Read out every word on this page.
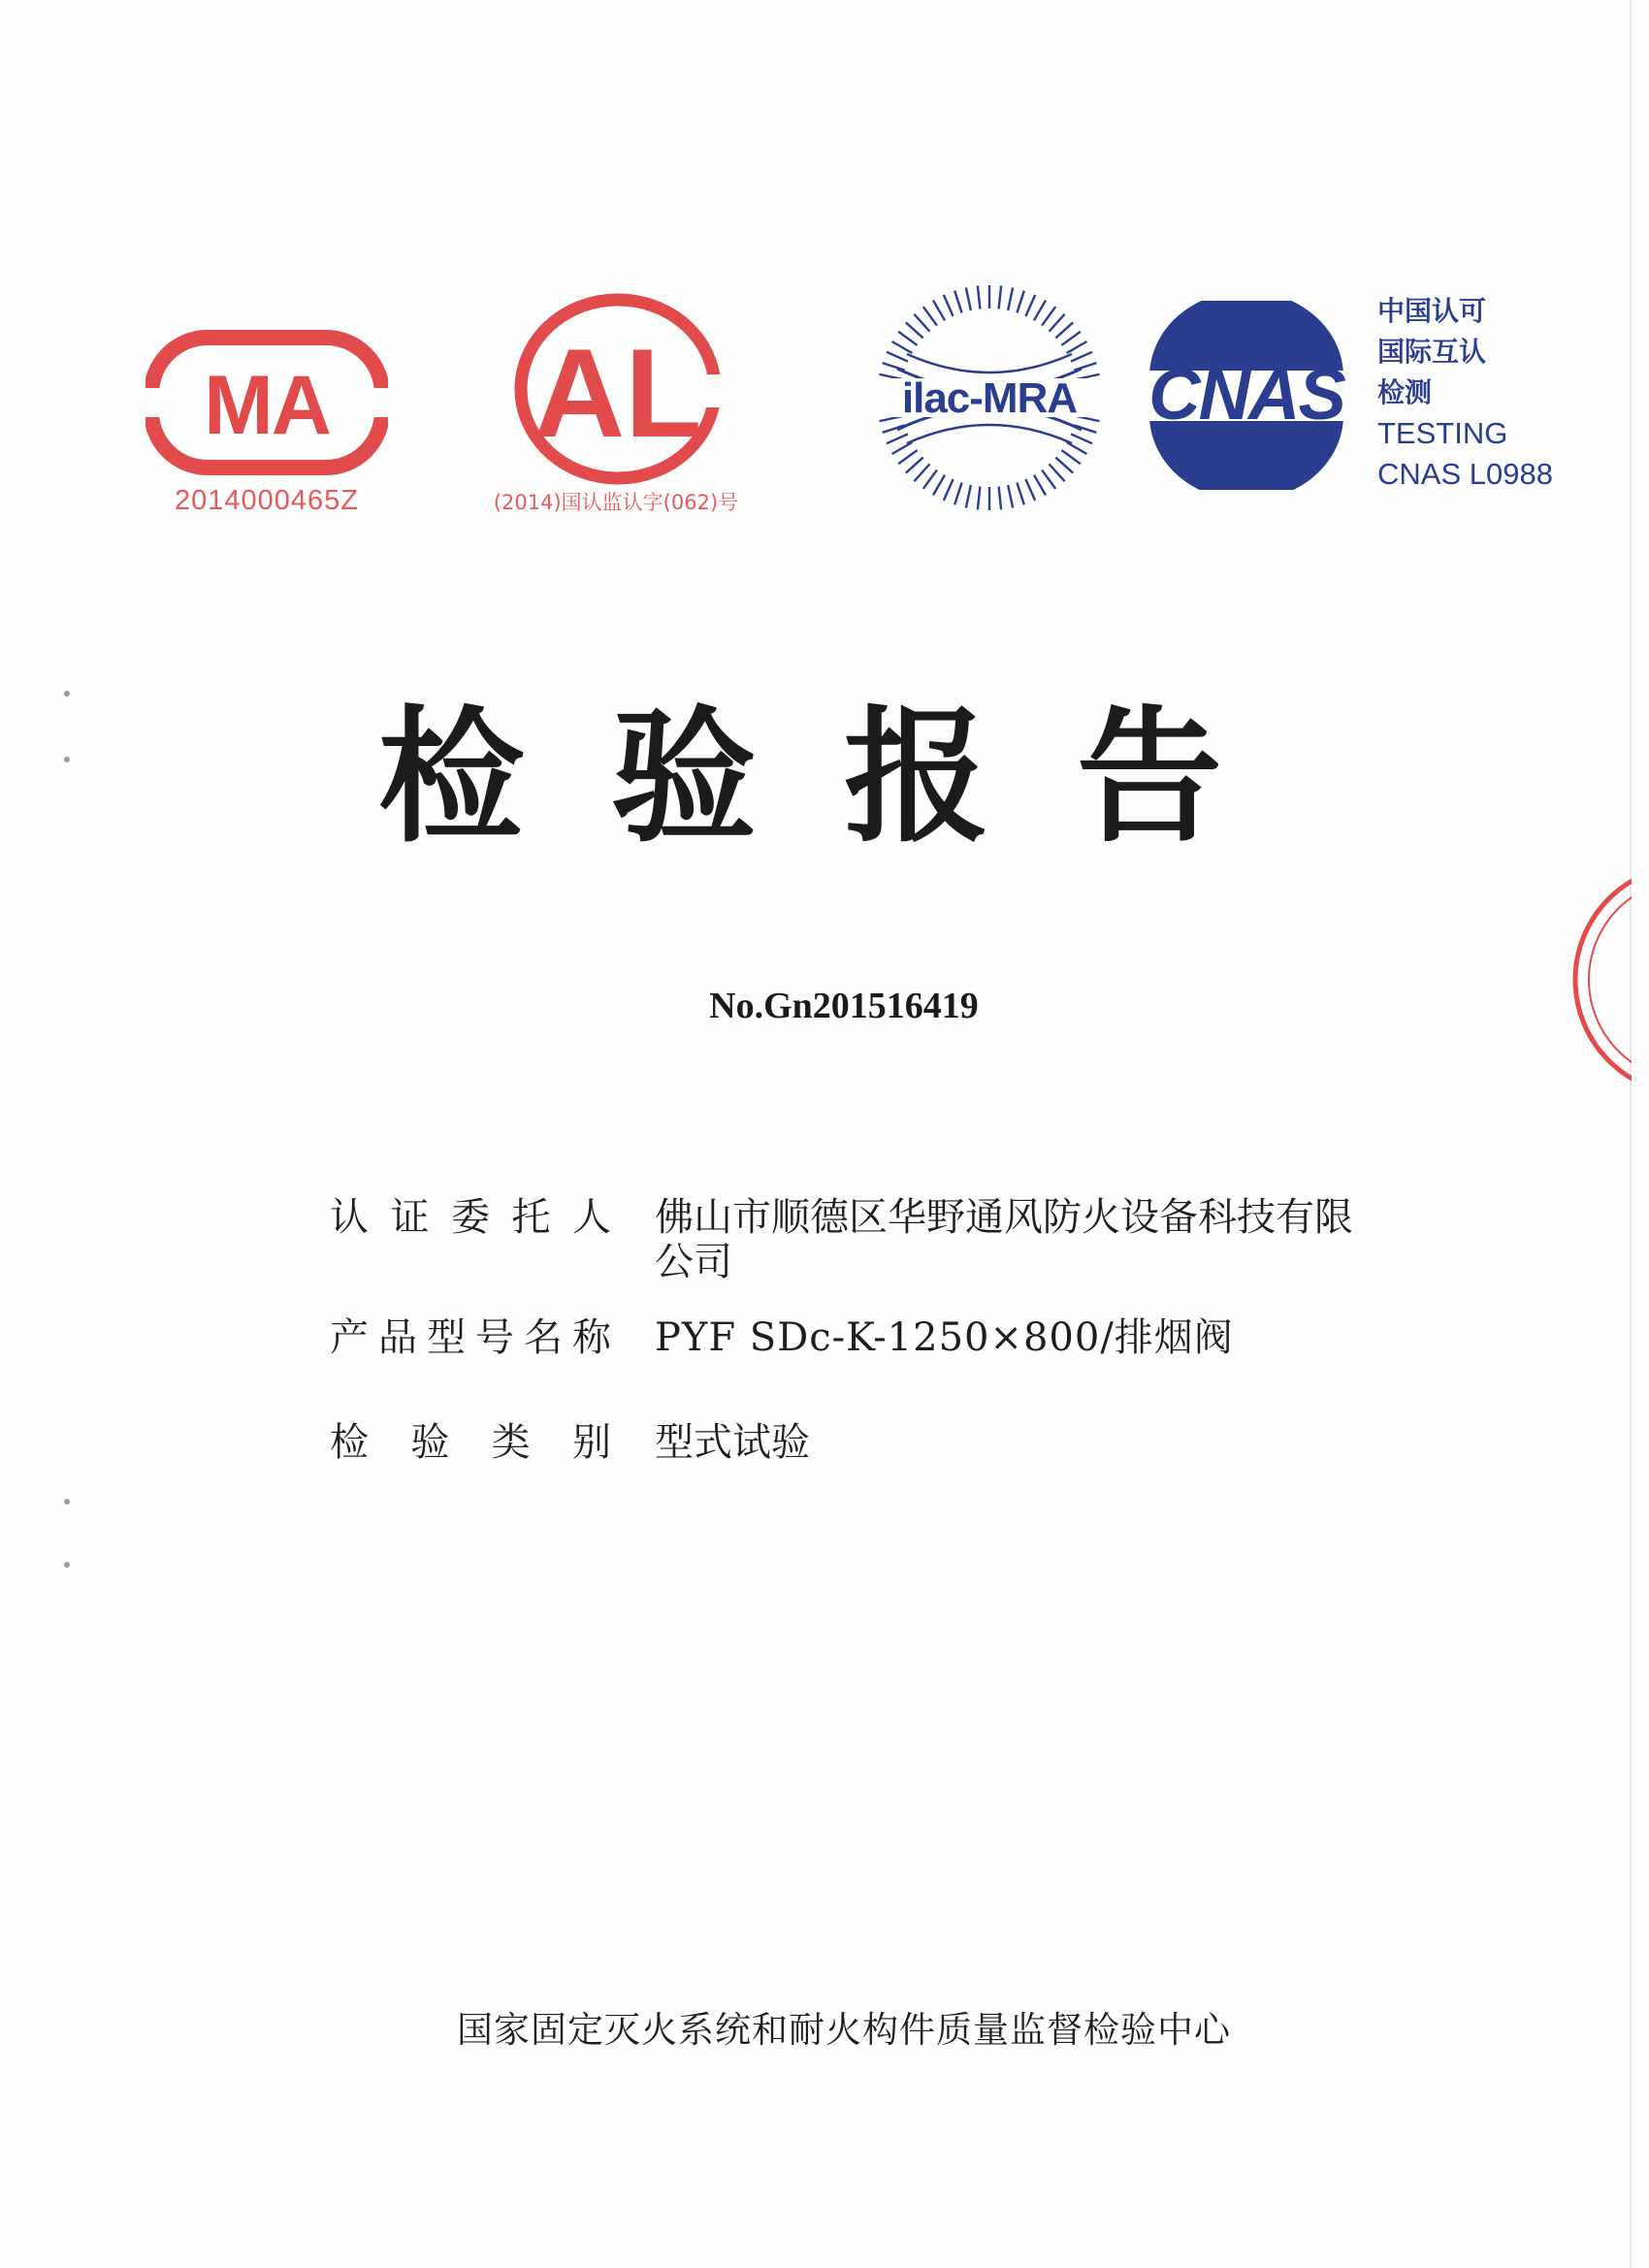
MA
2014000465Z
AL
(2014)国认监认字(062)号
ilac-MRA CNAS
中国认可
国际互认
检测
TESTING
CNAS L0988
检验报告
No.Gn201516419
认证委托人 佛山市顺德区华野通风防火设备科技有限公司
产品型号名称 PYF SDc-K-1250×800/排烟阀
检验类别 型式试验
国家固定灭火系统和耐火构件质量监督检验中心
